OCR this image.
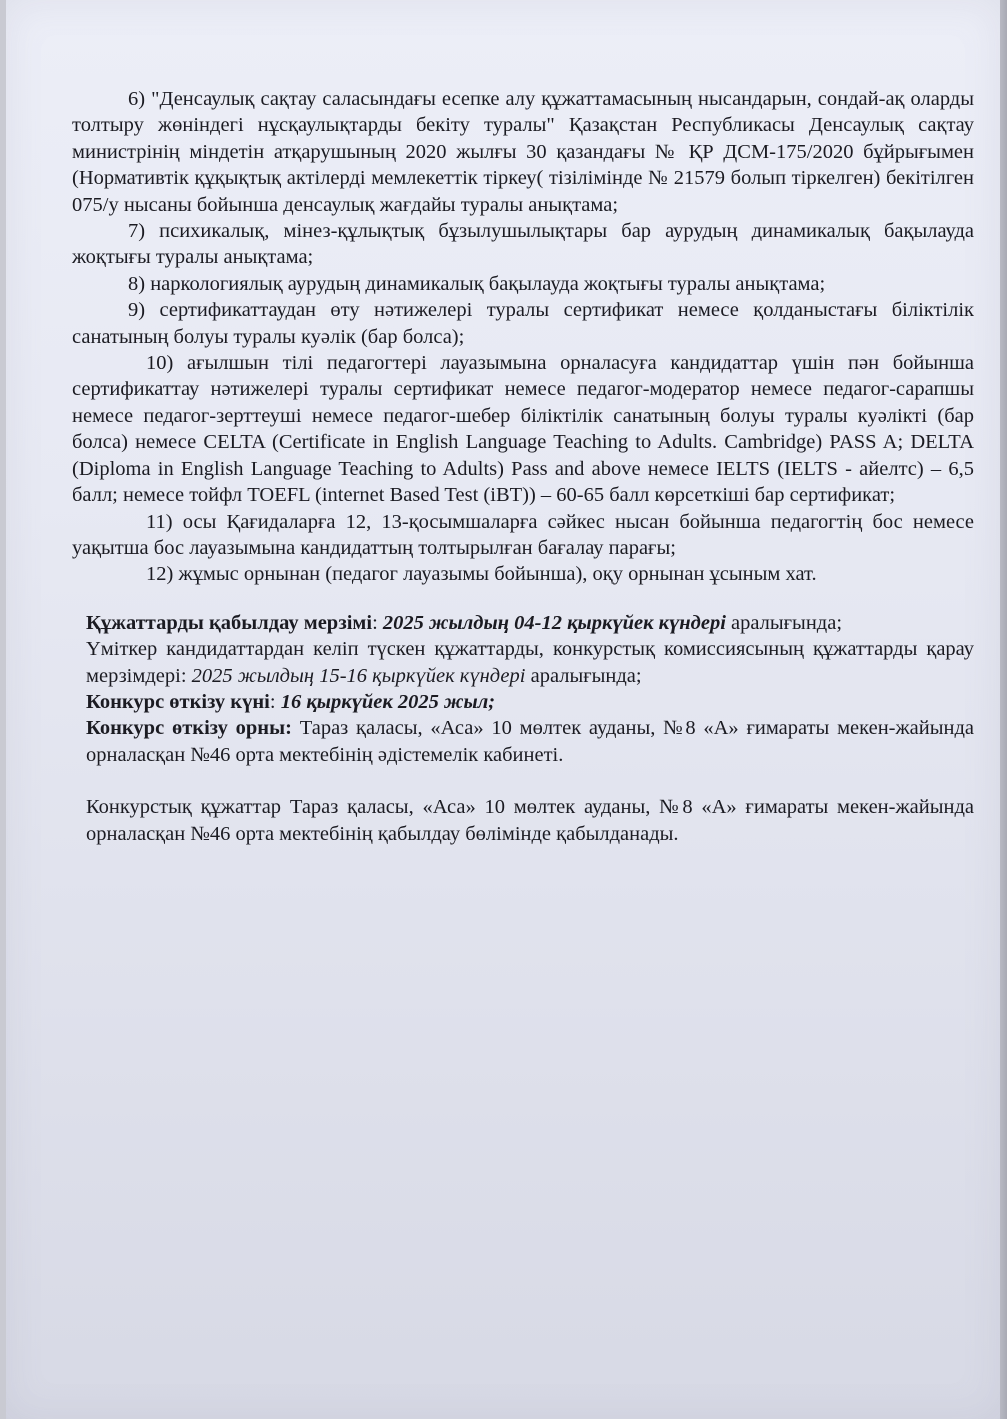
6) "Денсаулық сақтау саласындағы есепке алу құжаттамасының нысандарын, сондай-ақ оларды толтыру жөніндегі нұсқаулықтарды бекіту туралы" Қазақстан Республикасы Денсаулық сақтау министрінің міндетін атқарушының 2020 жылғы 30 қазандағы № ҚР ДСМ-175/2020 бұйрығымен (Нормативтік құқықтық актілерді мемлекеттік тіркеу( тізілімінде № 21579 болып тіркелген) бекітілген 075/у нысаны бойынша денсаулық жағдайы туралы анықтама;

7) психикалық, мінез-құлықтық бұзылушылықтары бар аурудың динамикалық бақылауда жоқтығы туралы анықтама;

8) наркологиялық аурудың динамикалық бақылауда жоқтығы туралы анықтама;

9) сертификаттаудан өту нәтижелері туралы сертификат немесе қолданыстағы біліктілік санатының болуы туралы куәлік (бар болса);

10) ағылшын тілі педагогтері лауазымына орналасуға кандидаттар үшін пән бойынша сертификаттау нәтижелері туралы сертификат немесе педагог-модератор немесе педагог-сарапшы немесе педагог-зерттеуші немесе педагог-шебер біліктілік санатының болуы туралы куәлікті (бар болса) немесе CELTA (Certificate in English Language Teaching to Adults. Cambridge) PASS A; DELTA (Diploma in English Language Teaching to Adults) Pass and above немесе IELTS (IELTS - айелтс) – 6,5 балл; немесе тойфл TOEFL (internet Based Test (iBT)) – 60-65 балл көрсеткіші бар сертификат;

11) осы Қағидаларға 12, 13-қосымшаларға сәйкес нысан бойынша педагогтің бос немесе уақытша бос лауазымына кандидаттың толтырылған бағалау парағы;

12) жұмыс орнынан (педагог лауазымы бойынша), оқу орнынан ұсыным хат.

Құжаттарды қабылдау мерзімі: 2025 жылдың 04-12 қыркүйек күндері аралығында;

Үміткер кандидаттардан келіп түскен құжаттарды, конкурстық комиссиясының құжаттарды қарау мерзімдері: 2025 жылдың 15-16 қыркүйек күндері аралығында;

Конкурс өткізу күні: 16 қыркүйек 2025 жыл;

Конкурс өткізу орны: Тараз қаласы, «Аса» 10 мөлтек ауданы, №8 «А» ғимараты мекен-жайында орналасқан №46 орта мектебінің әдістемелік кабинеті.

Конкурстық құжаттар Тараз қаласы, «Аса» 10 мөлтек ауданы, №8 «А» ғимараты мекен-жайында орналасқан №46 орта мектебінің қабылдау бөлімінде қабылданады.
